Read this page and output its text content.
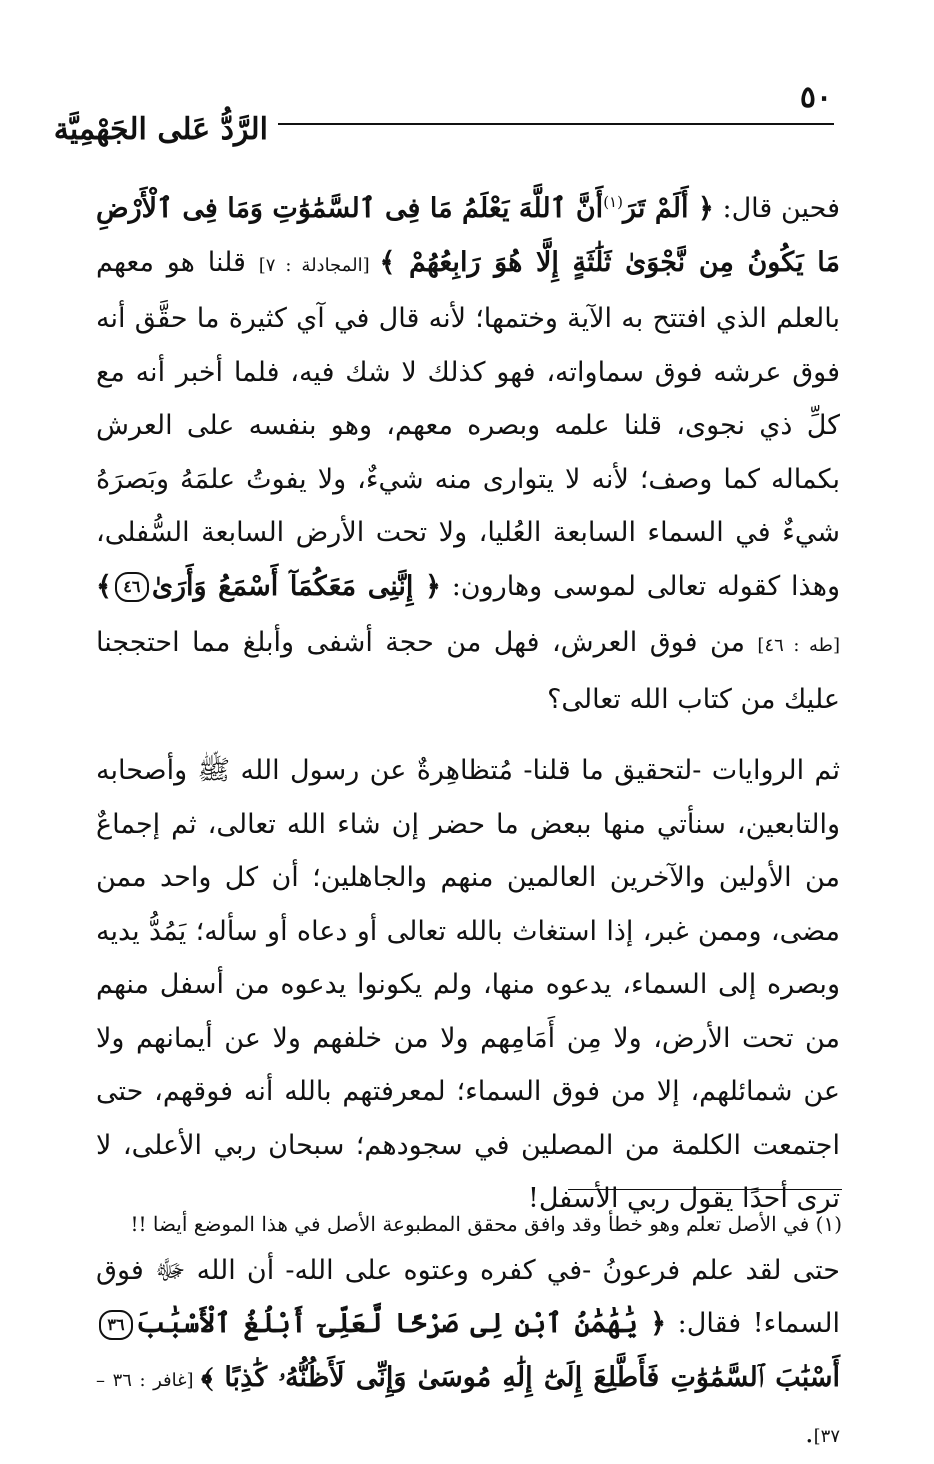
٥٠
الرَّدُّ عَلى الجَهْمِيَّة

فحين قال: ﴿ أَلَمْ تَرَ$^{(١)}$أَنَّ ٱللَّهَ يَعْلَمُ مَا فِى ٱلسَّمَٰوَٰتِ وَمَا فِى ٱلْأَرْضِ مَا يَكُونُ مِن نَّجْوَىٰ ثَلَٰثَةٍ إِلَّا هُوَ رَابِعُهُمْ ﴾ [المجادلة : ٧] قلنا هو معهم بالعلم الذي افتتح به الآية وختمها؛ لأنه قال في آي كثيرة ما حقَّق أنه فوق عرشه فوق سماواته، فهو كذلك لا شك فيه، فلما أخبر أنه مع كلِّ ذي نجوى، قلنا علمه وبصره معهم، وهو بنفسه على العرش بكماله كما وصف؛ لأنه لا يتوارى منه شيءٌ، ولا يفوتُ علمَهُ وبَصرَهُ شيءٌ في السماء السابعة العُليا، ولا تحت الأرض السابعة السُّفلى، وهذا كقوله تعالى لموسى وهارون: ﴿ إِنَّنِى مَعَكُمَآ أَسْمَعُ وَأَرَىٰ٤٦﴾ [طه : ٤٦] من فوق العرش، فهل من حجة أشفى وأبلغ مما احتججنا عليك من كتاب الله تعالى؟

ثم الروايات -لتحقيق ما قلنا- مُتظاهِرةٌ عن رسول الله ﷺ وأصحابه والتابعين، سنأتي منها ببعض ما حضر إن شاء الله تعالى، ثم إجماعٌ من الأولين والآخرين العالمين منهم والجاهلين؛ أن كل واحد ممن مضى، وممن غبر، إذا استغاث بالله تعالى أو دعاه أو سأله؛ يَمُدُّ يديه وبصره إلى السماء، يدعوه منها، ولم يكونوا يدعوه من أسفل منهم من تحت الأرض، ولا مِن أَمَامِهم ولا من خلفهم ولا عن أيمانهم ولا عن شمائلهم، إلا من فوق السماء؛ لمعرفتهم بالله أنه فوقهم، حتى اجتمعت الكلمة من المصلين في سجودهم؛ سبحان ربي الأعلى، لا ترى أحدًا يقول ربي الأسفل!

حتى لقد علم فرعونُ -في كفره وعتوه على الله- أن الله ﷻ فوق السماء! فقال: ﴿ يَٰهَٰمَٰنُ ٱبْنِ لِى صَرْحًا لَّعَلِّىٓ أَبْلُغُ ٱلْأَسْبَٰبَ٣٦أَسْبَٰبَ ٱلسَّمَٰوَٰتِ فَأَطَّلِعَ إِلَىٰٓ إِلَٰهِ مُوسَىٰ وَإِنِّى لَأَظُنُّهُۥ كَٰذِبًا ﴾ [غافر : ٣٦ – ٣٧].

(١) في الأصل تعلم وهو خطأ وقد وافق محقق المطبوعة الأصل في هذا الموضع أيضا !!
